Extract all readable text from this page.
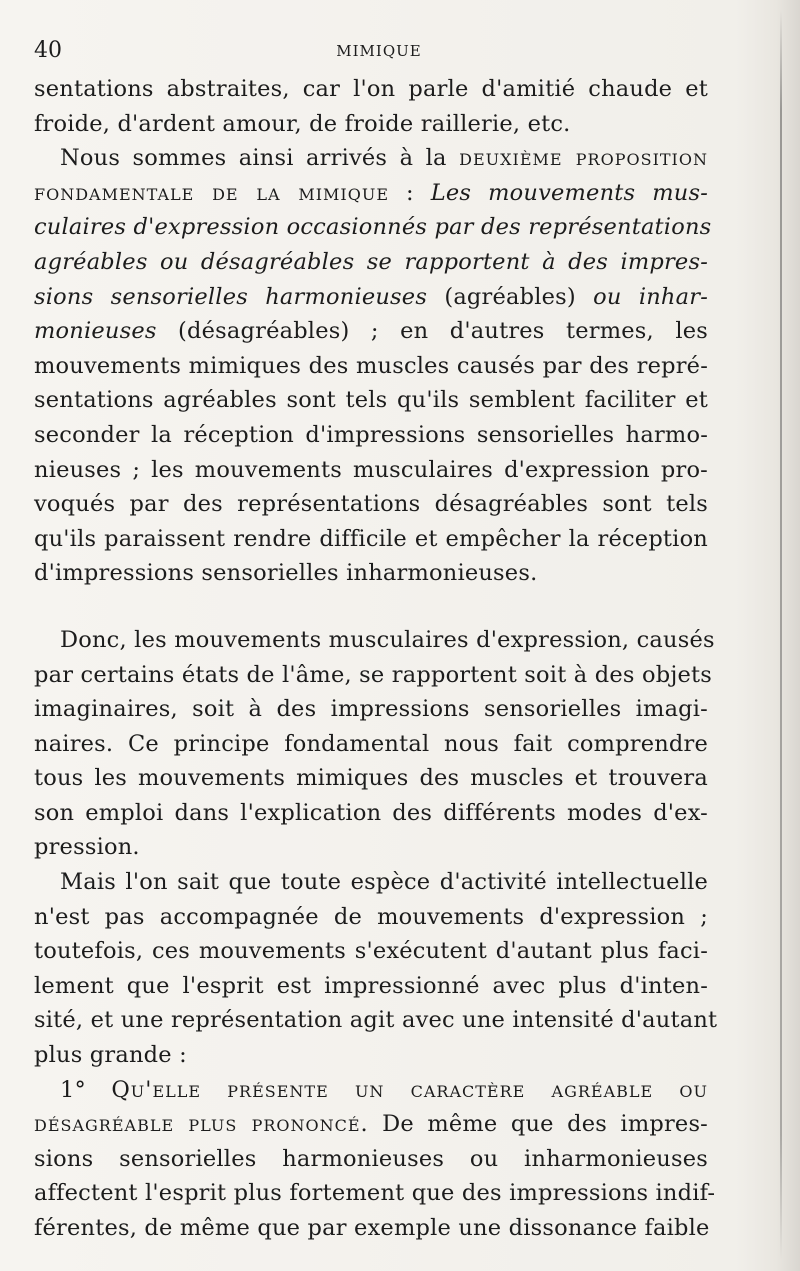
40	MIMIQUE
sentations abstraites, car l'on parle d'amitié chaude et
froide, d'ardent amour, de froide raillerie, etc.
Nous sommes ainsi arrivés à la deuxième proposition
fondamentale de la mimique : Les mouvements mus-
culaires d'expression occasionnés par des représentations
agréables ou désagréables se rapportent à des impres-
sions sensorielles harmonieuses (agréables) ou inhar-
monieuses (désagréables) ; en d'autres termes, les
mouvements mimiques des muscles causés par des repré-
sentations agréables sont tels qu'ils semblent faciliter et
seconder la réception d'impressions sensorielles harmo-
nieuses ; les mouvements musculaires d'expression pro-
voqués par des représentations désagréables sont tels
qu'ils paraissent rendre difficile et empêcher la réception
d'impressions sensorielles inharmonieuses.
Donc, les mouvements musculaires d'expression, causés
par certains états de l'âme, se rapportent soit à des objets
imaginaires, soit à des impressions sensorielles imagi-
naires. Ce principe fondamental nous fait comprendre
tous les mouvements mimiques des muscles et trouvera
son emploi dans l'explication des différents modes d'ex-
pression.
Mais l'on sait que toute espèce d'activité intellectuelle
n'est pas accompagnée de mouvements d'expression ;
toutefois, ces mouvements s'exécutent d'autant plus faci-
lement que l'esprit est impressionné avec plus d'inten-
sité, et une représentation agit avec une intensité d'autant
plus grande :
1° Qu'elle présente un caractère agréable ou
désagréable plus prononcé. De même que des impres-
sions sensorielles harmonieuses ou inharmonieuses
affectent l'esprit plus fortement que des impressions indif-
férentes, de même que par exemple une dissonance faible
